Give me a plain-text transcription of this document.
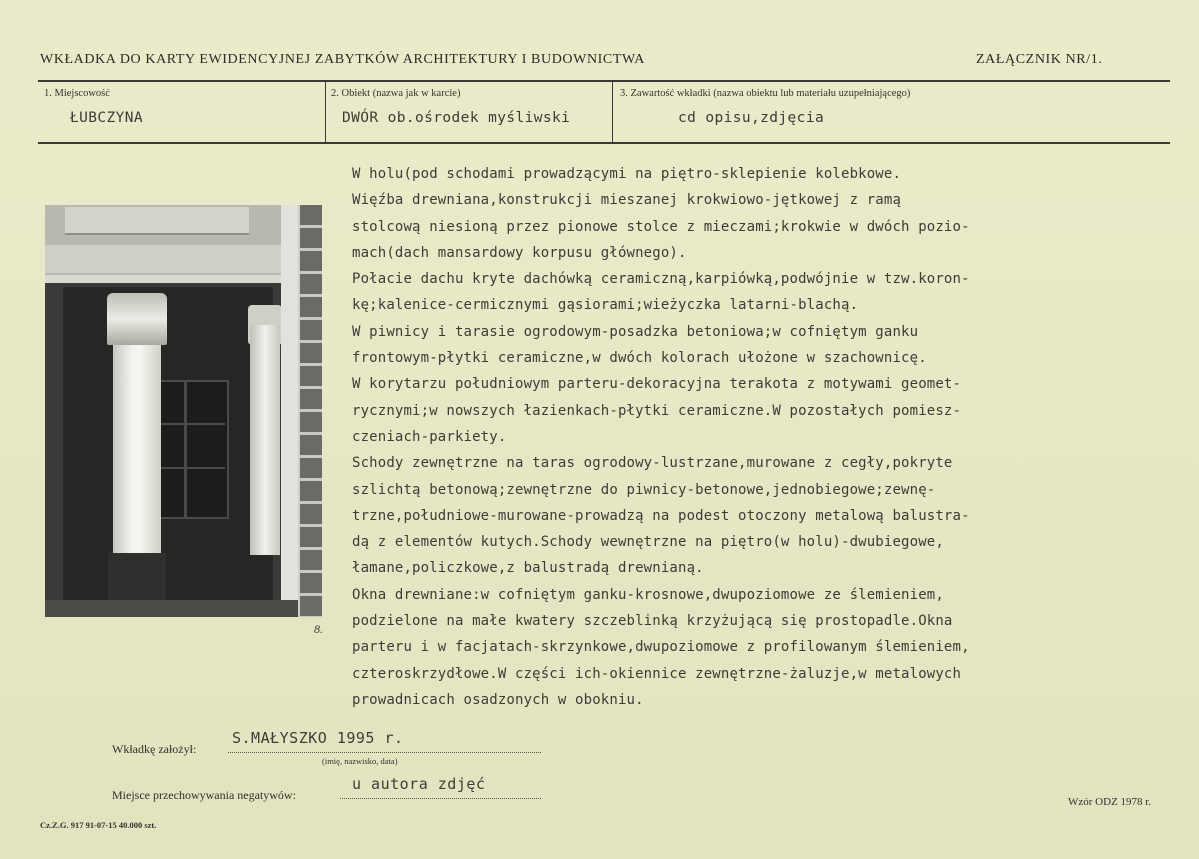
WKŁADKA DO KARTY EWIDENCYJNEJ ZABYTKÓW ARCHITEKTURY I BUDOWNICTWA	ZAŁĄCZNIK NR/1.
1. Miejscowość	2. Obiekt (nazwa jak w karcie)	3. Zawartość wkładki (nazwa obiektu lub materiału uzupełniającego)
ŁUBCZYNA	DWÓR ob.ośrodek myśliwski	cd opisu,zdjęcia
8.
W holu(pod schodami prowadzącymi na piętro-sklepienie kolebkowe.
Więźba drewniana,konstrukcji mieszanej krokwiowo-jętkowej z ramą
stolcową niesioną przez pionowe stolce z mieczami;krokwie w dwóch pozio-
mach(dach mansardowy korpusu głównego).
Połacie dachu kryte dachówką ceramiczną,karpiówką,podwójnie w tzw.koron-
kę;kalenice-cermicznymi gąsiorami;wieżyczka latarni-blachą.
W piwnicy i tarasie ogrodowym-posadzka betoniowa;w cofniętym ganku
frontowym-płytki ceramiczne,w dwóch kolorach ułożone w szachownicę.
W korytarzu południowym parteru-dekoracyjna terakota z motywami geomet-
rycznymi;w nowszych łazienkach-płytki ceramiczne.W pozostałych pomiesz-
czeniach-parkiety.
Schody zewnętrzne na taras ogrodowy-lustrzane,murowane z cegły,pokryte
szlichtą betonową;zewnętrzne do piwnicy-betonowe,jednobiegowe;zewnę-
trzne,południowe-murowane-prowadzą na podest otoczony metalową balustra-
dą z elementów kutych.Schody wewnętrzne na piętro(w holu)-dwubiegowe,
łamane,policzkowe,z balustradą drewnianą.
Okna drewniane:w cofniętym ganku-krosnowe,dwupoziomowe ze ślemieniem,
podzielone na małe kwatery szczeblinką krzyżującą się prostopadle.Okna
parteru i w facjatach-skrzynkowe,dwupoziomowe z profilowanym ślemieniem,
czteroskrzydłowe.W części ich-okiennice zewnętrzne-żaluzje,w metalowych
prowadnicach osadzonych w obokniu.
Wkładkę założył:
S.MAŁYSZKO 1995 r.
(imię, nazwisko, data)
Miejsce przechowywania negatywów:
u autora zdjęć
Cz.Z.G. 917 91-07-15 40.000 szt.
Wzór ODZ 1978 r.
